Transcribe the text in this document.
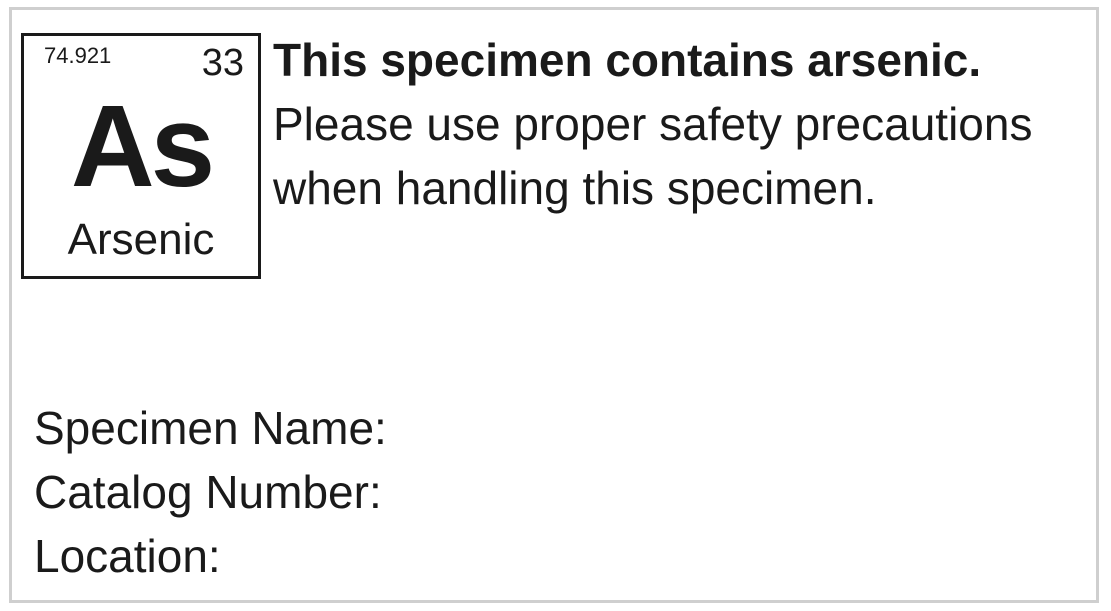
74.921 33
As
Arsenic
This specimen contains arsenic.
Please use proper safety precautions when handling this specimen.
Specimen Name:
Catalog Number:
Location:
